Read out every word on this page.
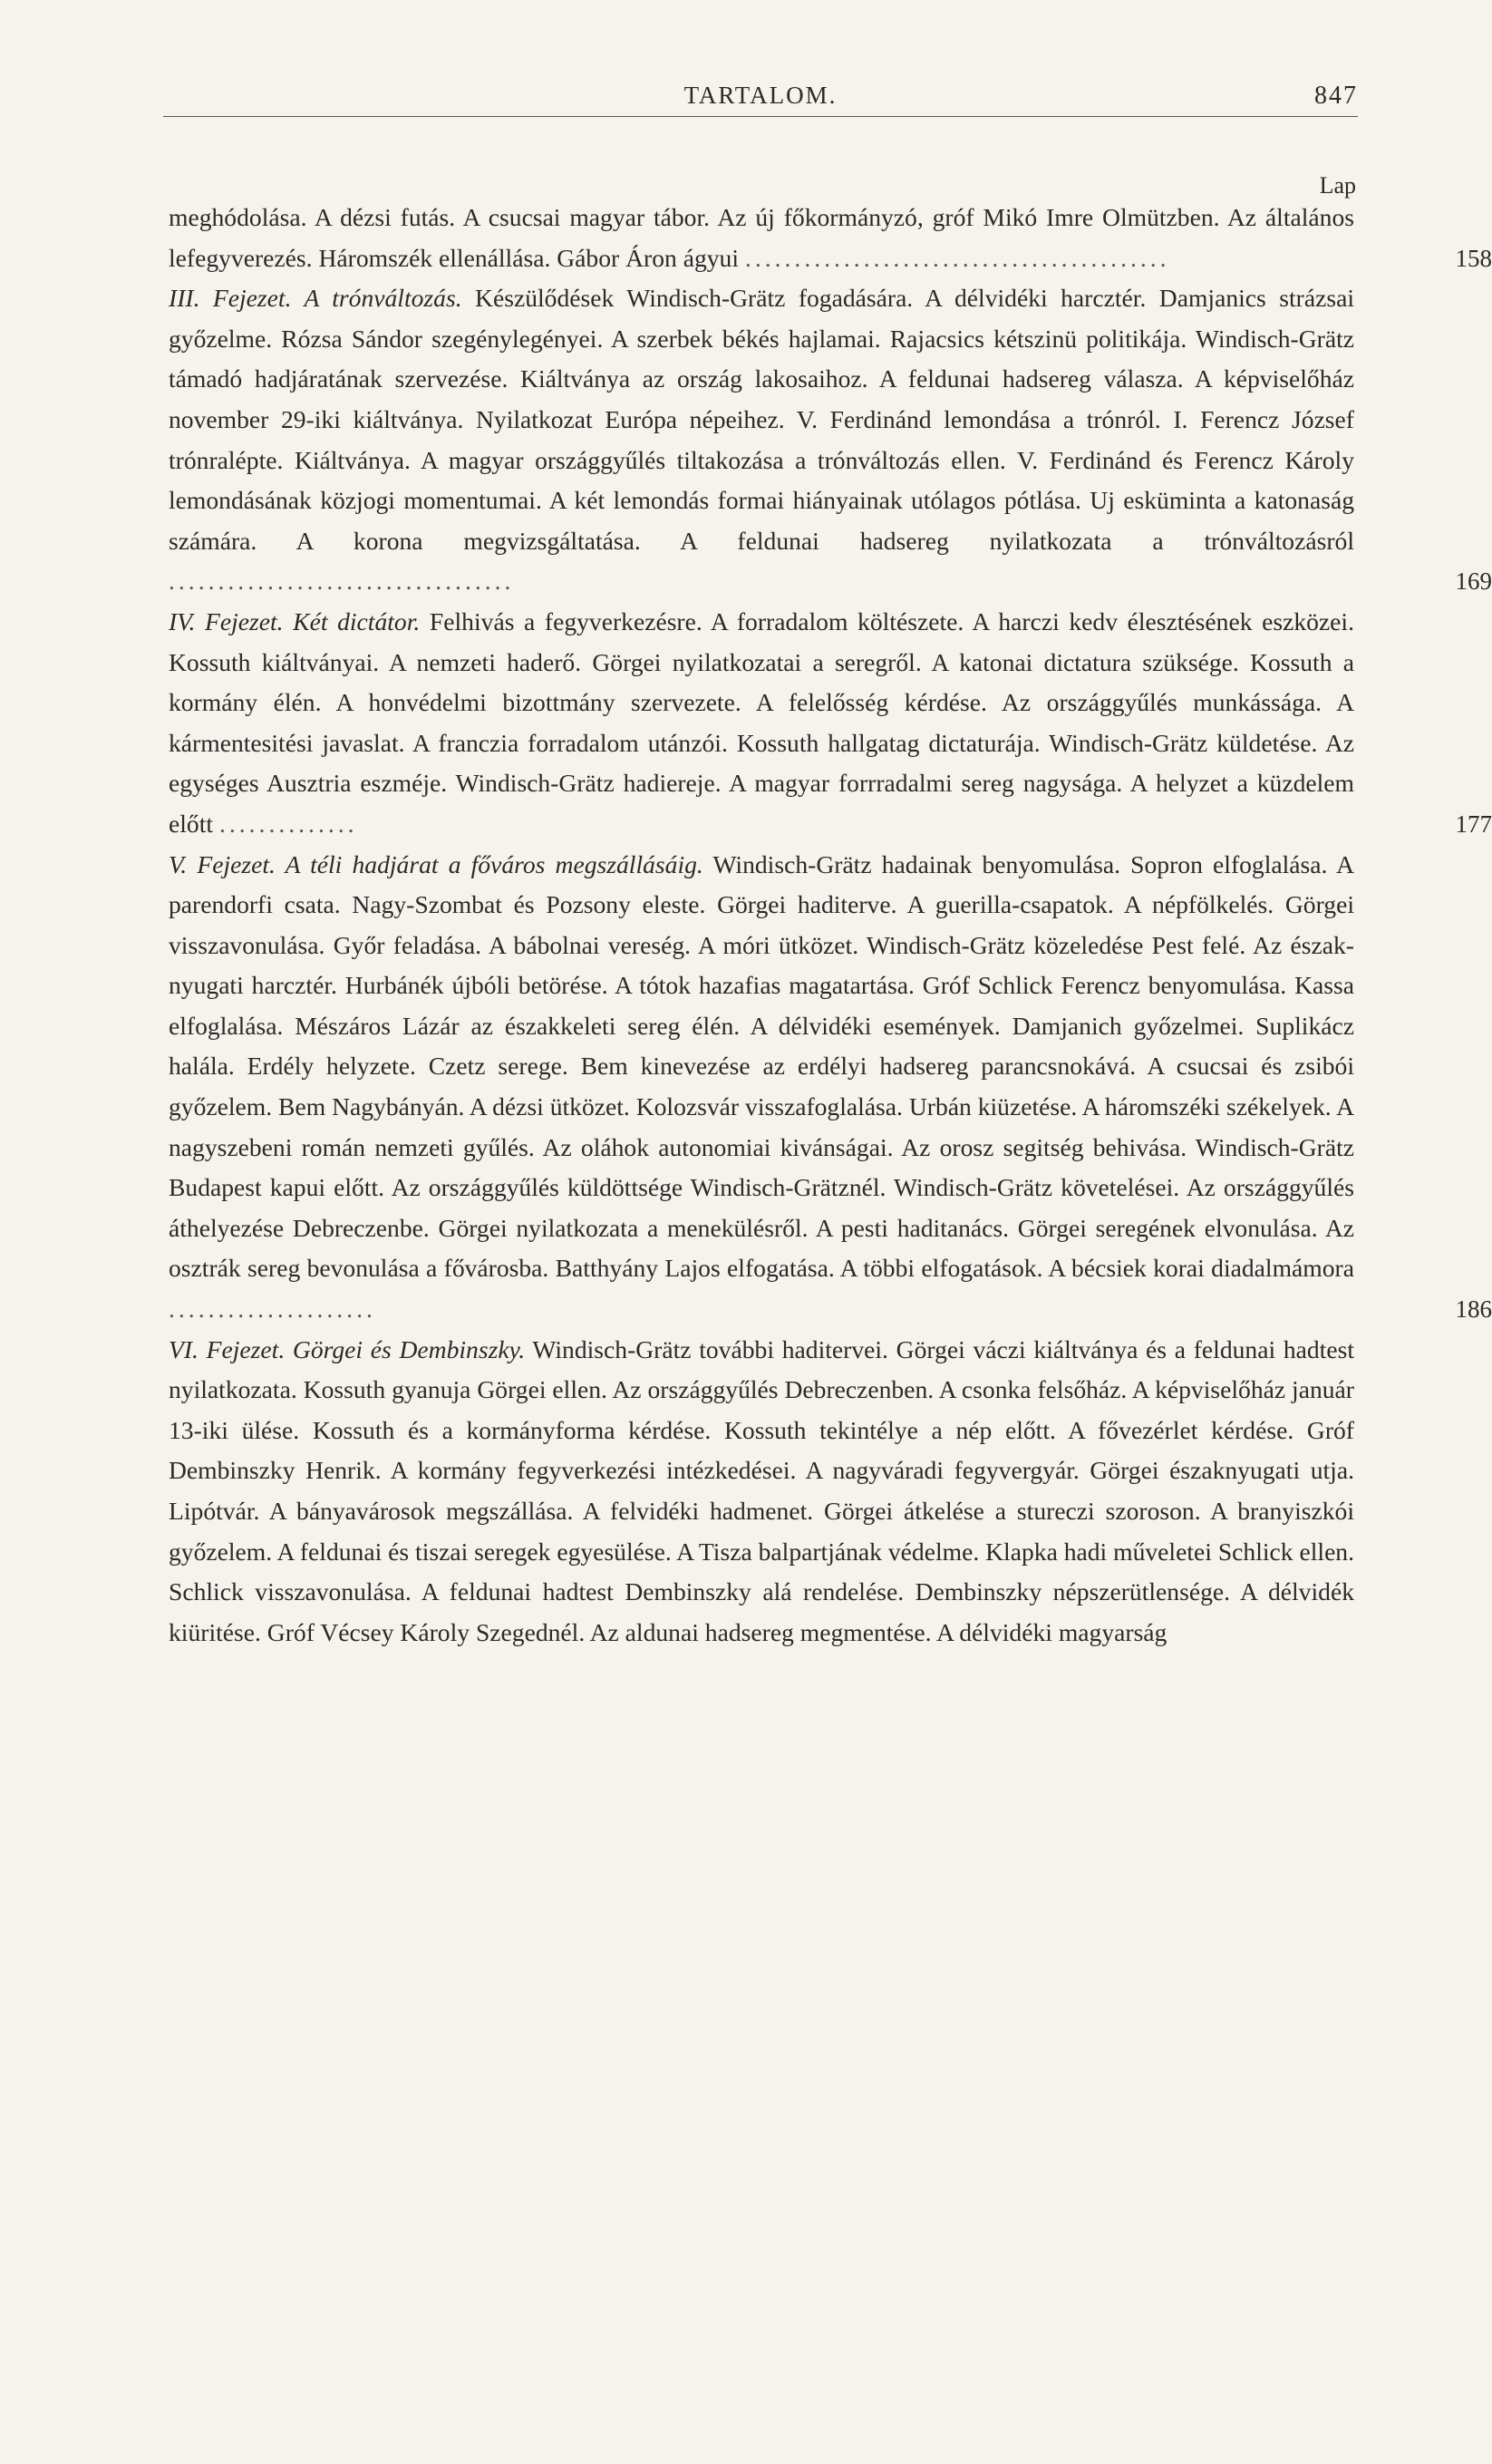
TARTALOM.	847
Lap

meghódolása. A dézsi futás. A csucsai magyar tábor. Az új főkormányzó, gróf Mikó Imre Olmützben. Az általános lefegyverezés. Háromszék ellenállása. Gábor Áron ágyui ...........................................	158

III. Fejezet. A trónváltozás. Készülődések Windisch-Grätz fogadására. A délvidéki harcztér. Damjanics strázsai győzelme. Rózsa Sándor szegénylegényei. A szerbek békés hajlamai. Rajacsics kétszinü politikája. Windisch-Grätz támadó hadjáratának szervezése. Kiáltványa az ország lakosaihoz. A feldunai hadsereg válasza. A képviselőház november 29-iki kiáltványa. Nyilatkozat Európa népeihez. V. Ferdinánd lemondása a trónról. I. Ferencz József trónralépte. Kiáltványa. A magyar országgyűlés tiltakozása a trónváltozás ellen. V. Ferdinánd és Ferencz Károly lemondásának közjogi momentumai. A két lemondás formai hiányainak utólagos pótlása. Uj esküminta a katonaság számára. A korona megvizsgáltatása. A feldunai hadsereg nyilatkozata a trónváltozásról ...................................	169

IV. Fejezet. Két dictátor. Felhivás a fegyverkezésre. A forradalom költészete. A harczi kedv élesztésének eszközei. Kossuth kiáltványai. A nemzeti haderő. Görgei nyilatkozatai a seregről. A katonai dictatura szüksége. Kossuth a kormány élén. A honvédelmi bizottmány szervezete. A felelősség kérdése. Az országgyűlés munkássága. A kármentesitési javaslat. A franczia forradalom utánzói. Kossuth hallgatag dictaturája. Windisch-Grätz küldetése. Az egységes Ausztria eszméje. Windisch-Grätz hadiereje. A magyar forrradalmi sereg nagysága. A helyzet a küzdelem előtt ..............	177

V. Fejezet. A téli hadjárat a főváros megszállásáig. Windisch-Grätz hadainak benyomulása. Sopron elfoglalása. A parendorfi csata. Nagy-Szombat és Pozsony eleste. Görgei haditerve. A guerilla-csapatok. A népfölkelés. Görgei visszavonulása. Győr feladása. A bábolnai vereség. A móri ütközet. Windisch-Grätz közeledése Pest felé. Az észak-nyugati harcztér. Hurbánék újbóli betörése. A tótok hazafias magatartása. Gróf Schlick Ferencz benyomulása. Kassa elfoglalása. Mészáros Lázár az északkeleti sereg élén. A délvidéki események. Damjanich győzelmei. Suplikácz halála. Erdély helyzete. Czetz serege. Bem kinevezése az erdélyi hadsereg parancsnokává. A csucsai és zsibói győzelem. Bem Nagybányán. A dézsi ütközet. Kolozsvár visszafoglalása. Urbán kiüzetése. A háromszéki székelyek. A nagyszebeni román nemzeti gyűlés. Az oláhok autonomiai kivánságai. Az orosz segitség behivása. Windisch-Grätz Budapest kapui előtt. Az országgyűlés küldöttsége Windisch-Grätznél. Windisch-Grätz követelései. Az országgyűlés áthelyezése Debreczenbe. Görgei nyilatkozata a menekülésről. A pesti haditanács. Görgei seregének elvonulása. Az osztrák sereg bevonulása a fővárosba. Batthyány Lajos elfogatása. A többi elfogatások. A bécsiek korai diadalmámora .....................	186

VI. Fejezet. Görgei és Dembinszky. Windisch-Grätz további haditervei. Görgei váczi kiáltványa és a feldunai hadtest nyilatkozata. Kossuth gyanuja Görgei ellen. Az országgyűlés Debreczenben. A csonka felsőház. A képviselőház január 13-iki ülése. Kossuth és a kormányforma kérdése. Kossuth tekintélye a nép előtt. A fővezérlet kérdése. Gróf Dembinszky Henrik. A kormány fegyverkezési intézkedései. A nagyváradi fegyvergyár. Görgei északnyugati utja. Lipótvár. A bányavárosok megszállása. A felvidéki hadmenet. Görgei átkelése a stureczi szoroson. A branyiszkói győzelem. A feldunai és tiszai seregek egyesülése. A Tisza balpartjának védelme. Klapka hadi műveletei Schlick ellen. Schlick visszavonulása. A feldunai hadtest Dembinszky alá rendelése. Dembinszky népszerütlensége. A délvidék kiüritése. Gróf Vécsey Károly Szegednél. Az aldunai hadsereg megmentése. A délvidéki magyarság
